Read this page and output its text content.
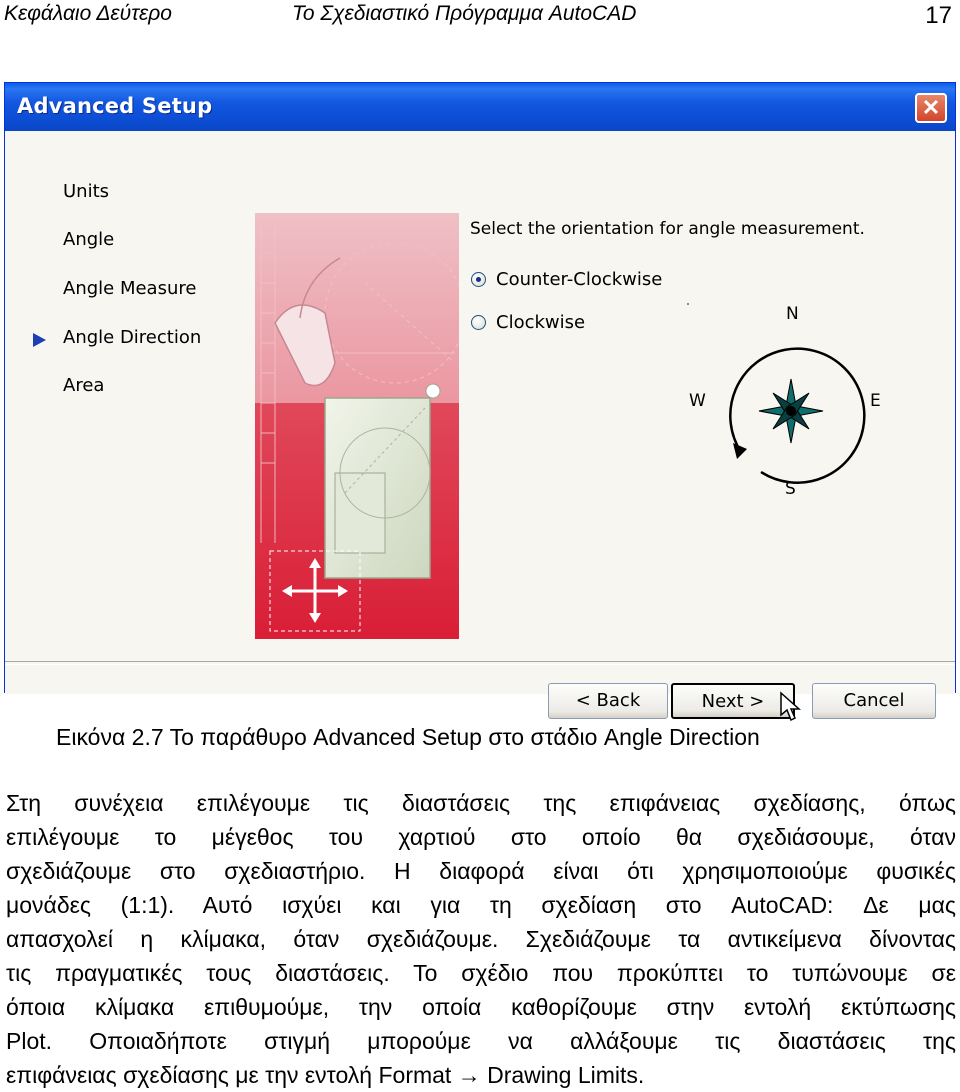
Κεφάλαιο Δεύτερο	Το Σχεδιαστικό Πρόγραμμα AutoCAD	17
Advanced Setup	✕
Units
Angle
Angle Measure
Angle Direction
Area
Select the orientation for angle measurement.
Counter-Clockwise
Clockwise	N
S
E
W
< Back	Next >	Cancel
Εικόνα 2.7 Το παράθυρο Advanced Setup στο στάδιο Angle Direction
Στη συνέχεια επιλέγουμε τις διαστάσεις της επιφάνειας σχεδίασης, όπως
επιλέγουμε το μέγεθος του χαρτιού στο οποίο θα σχεδιάσουμε, όταν
σχεδιάζουμε στο σχεδιαστήριο. Η διαφορά είναι ότι χρησιμοποιούμε φυσικές
μονάδες (1:1). Αυτό ισχύει και για τη σχεδίαση στο AutoCAD: Δε μας
απασχολεί η κλίμακα, όταν σχεδιάζουμε. Σχεδιάζουμε τα αντικείμενα δίνοντας
τις πραγματικές τους διαστάσεις. Το σχέδιο που προκύπτει το τυπώνουμε σε
όποια κλίμακα επιθυμούμε, την οποία καθορίζουμε στην εντολή εκτύπωσης
Plot. Οποιαδήποτε στιγμή μπορούμε να αλλάξουμε τις διαστάσεις της
επιφάνειας σχεδίασης με την εντολή Format → Drawing Limits.
